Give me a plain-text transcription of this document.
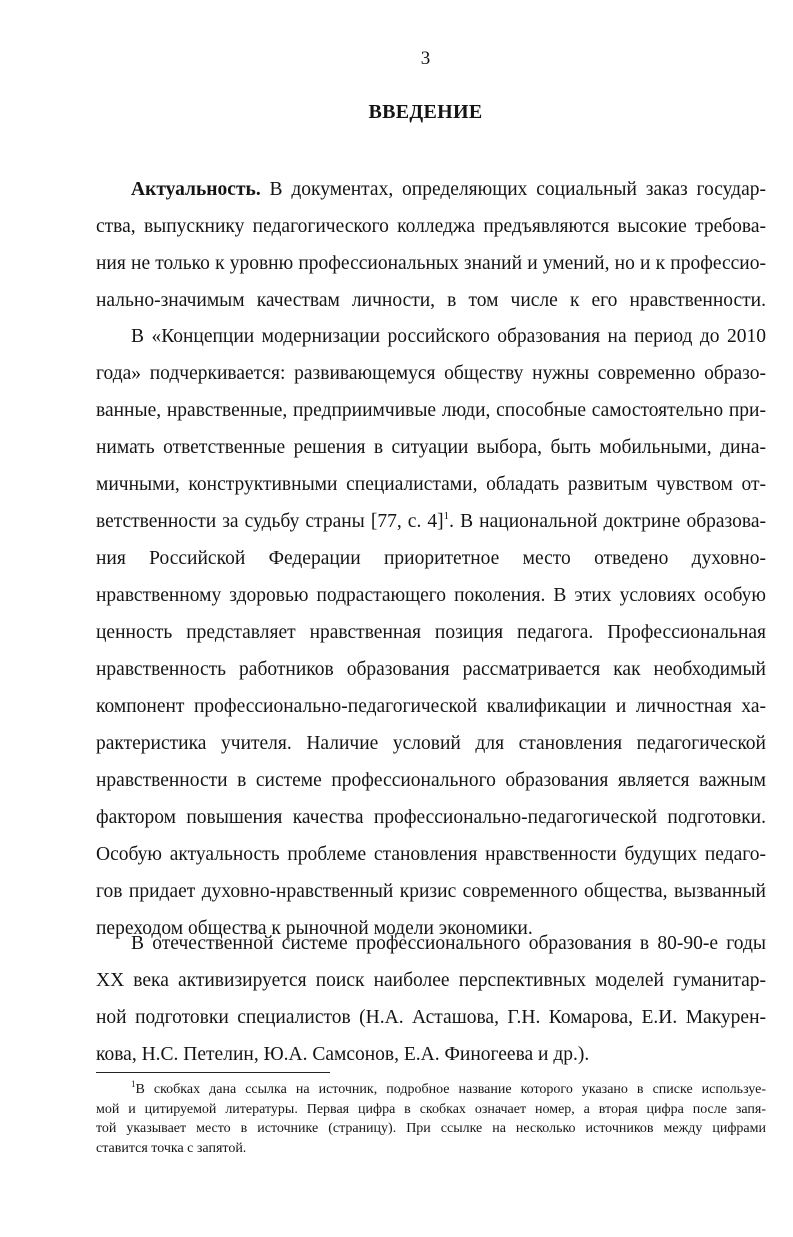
3
ВВЕДЕНИЕ
Актуальность. В документах, определяющих социальный заказ государ-
ства, выпускнику педагогического колледжа предъявляются высокие требова-
ния не только к уровню профессиональных знаний и умений, но и к профессио-
нально-значимым качествам личности, в том числе к его нравственности.
В «Концепции модернизации российского образования на период до 2010
года» подчеркивается: развивающемуся обществу нужны современно образо-
ванные, нравственные, предприимчивые люди, способные самостоятельно при-
нимать ответственные решения в ситуации выбора, быть мобильными, дина-
мичными, конструктивными специалистами, обладать развитым чувством от-
ветственности за судьбу страны [77, с. 4]$^1$. В национальной доктрине образова-
ния Российской Федерации приоритетное место отведено духовно-
нравственному здоровью подрастающего поколения. В этих условиях особую
ценность представляет нравственная позиция педагога. Профессиональная
нравственность работников образования рассматривается как необходимый
компонент профессионально-педагогической квалификации и личностная ха-
рактеристика учителя. Наличие условий для становления педагогической
нравственности в системе профессионального образования является важным
фактором повышения качества профессионально-педагогической подготовки.
Особую актуальность проблеме становления нравственности будущих педаго-
гов придает духовно-нравственный кризис современного общества, вызванный
переходом общества к рыночной модели экономики.
В отечественной системе профессионального образования в 80-90-е годы
XX века активизируется поиск наиболее перспективных моделей гуманитар-
ной подготовки специалистов (Н.А. Асташова, Г.Н. Комарова, Е.И. Макурен-
кова, Н.С. Петелин, Ю.А. Самсонов, Е.А. Финогеева и др.).
$^1$В скобках дана ссылка на источник, подробное название которого указано в списке используе-
мой и цитируемой литературы. Первая цифра в скобках означает номер, а вторая цифра после запя-
той указывает место в источнике (страницу). При ссылке на несколько источников между цифрами
ставится точка с запятой.
